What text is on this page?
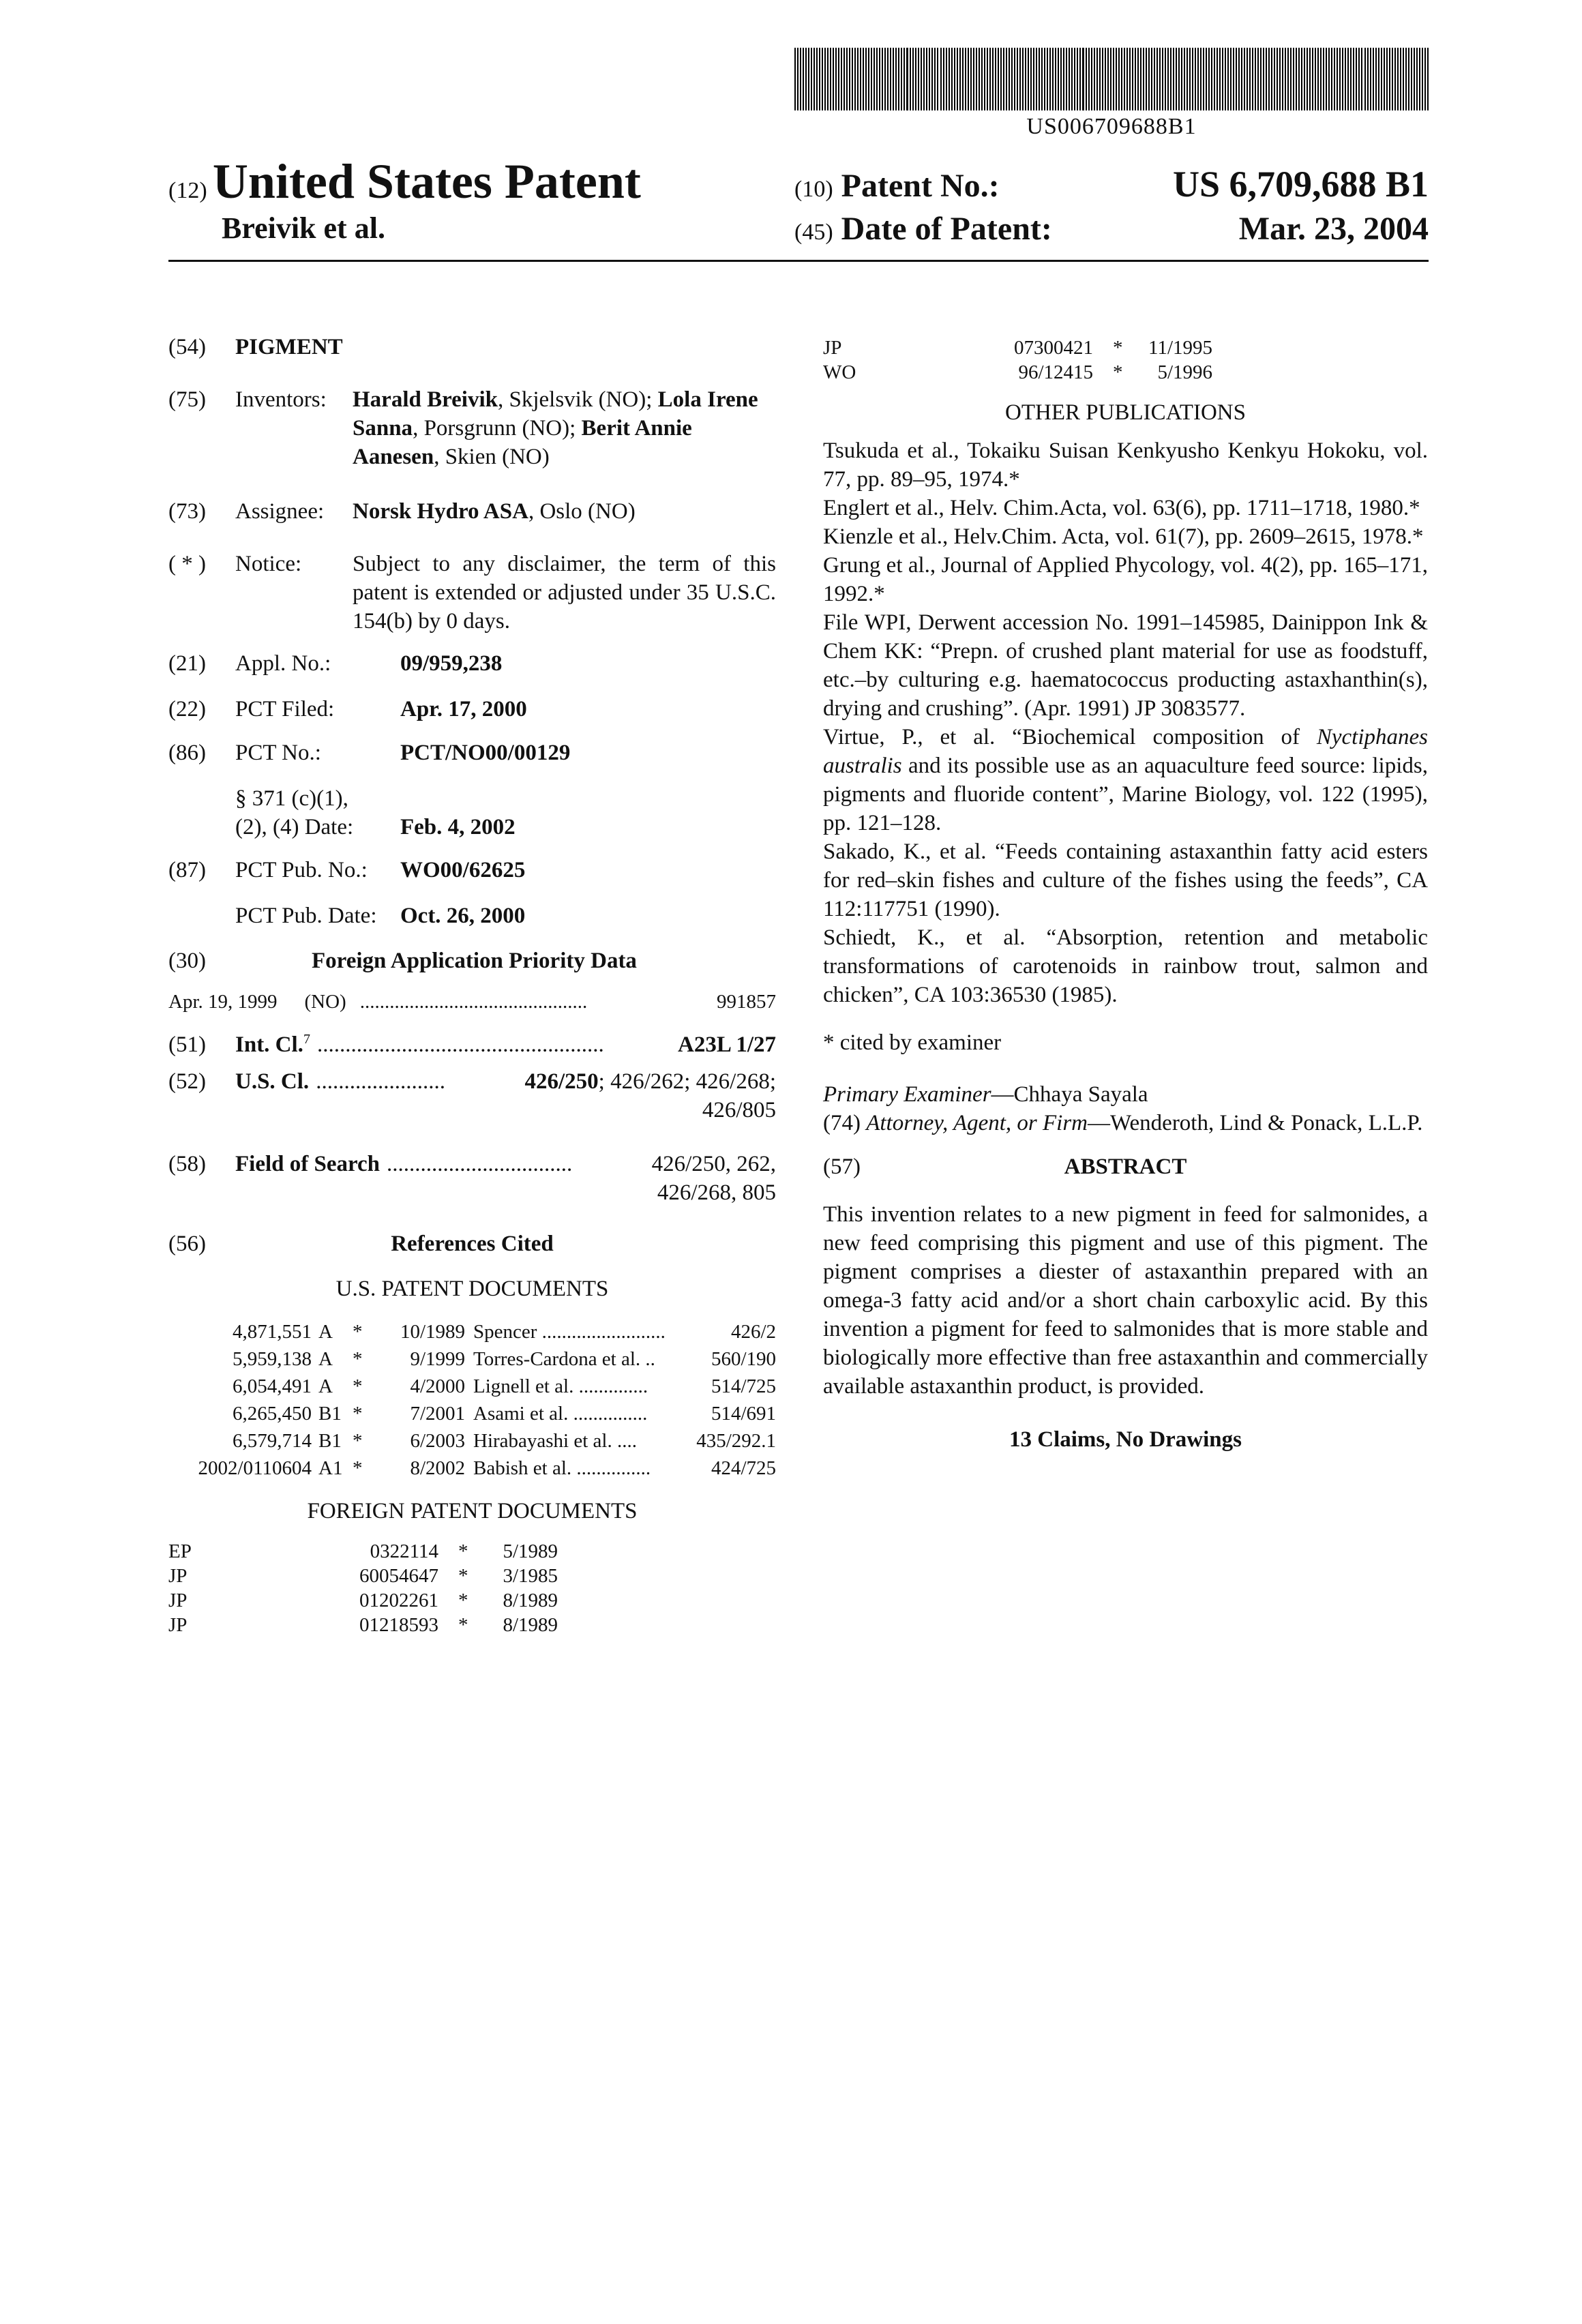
US006709688B1
(12) United States Patent
Breivik et al.
(10) Patent No.:	US 6,709,688 B1
(45) Date of Patent:	Mar. 23, 2004
(54)	PIGMENT
(75)	Inventors:	Harald Breivik, Skjelsvik (NO); Lola Irene Sanna, Porsgrunn (NO); Berit Annie Aanesen, Skien (NO)
(73)	Assignee:	Norsk Hydro ASA, Oslo (NO)
( * )	Notice:	Subject to any disclaimer, the term of this patent is extended or adjusted under 35 U.S.C. 154(b) by 0 days.

(21)	Appl. No.:	09/959,238
(22)	PCT Filed:	Apr. 17, 2000
(86)	PCT No.:	PCT/NO00/00129
§ 371 (c)(1),
(2), (4) Date:	Feb. 4, 2002
(87)	PCT Pub. No.:	WO00/62625
PCT Pub. Date:	Oct. 26, 2000
(30)	Foreign Application Priority Data
Apr. 19, 1999 (NO) ..............................................	991857
(51)	Int. Cl.7 ...................................................	A23L 1/27
(52)	U.S. Cl. .......................	426/250; 426/262; 426/268;
426/805
(58)	Field of Search .................................	426/250, 262,
426/268, 805
(56)	References Cited
U.S. PATENT DOCUMENTS
4,871,551 A	*	10/1989 Spencer .........................	426/2
5,959,138 A	*	9/1999 Torres-Cardona et al. ..	560/190
6,054,491 A	*	4/2000 Lignell et al. ..............	514/725
6,265,450 B1 *	7/2001 Asami et al. ...............	514/691
6,579,714 B1 *	6/2003 Hirabayashi et al. ....	435/292.1
2002/0110604 A1 *	8/2002 Babish et al. ...............	424/725
FOREIGN PATENT DOCUMENTS
EP	0322114	*	5/1989
JP	60054647	*	3/1985
JP	01202261	*	8/1989
JP	01218593	*	8/1989
JP	07300421	*	11/1995
WO	96/12415	*	5/1996
OTHER PUBLICATIONS

Tsukuda et al., Tokaiku Suisan Kenkyusho Kenkyu Hokoku, vol. 77, pp. 89–95, 1974.*

Englert et al., Helv. Chim.Acta, vol. 63(6), pp. 1711–1718, 1980.*

Kienzle et al., Helv.Chim. Acta, vol. 61(7), pp. 2609–2615, 1978.*

Grung et al., Journal of Applied Phycology, vol. 4(2), pp. 165–171, 1992.*

File WPI, Derwent accession No. 1991–145985, Dainippon Ink & Chem KK: “Prepn. of crushed plant material for use as foodstuff, etc.–by culturing e.g. haematococcus producting astaxhanthin(s), drying and crushing”. (Apr. 1991) JP 3083577.

Virtue, P., et al. “Biochemical composition of Nyctiphanes australis and its possible use as an aquaculture feed source: lipids, pigments and fluoride content”, Marine Biology, vol. 122 (1995), pp. 121–128.

Sakado, K., et al. “Feeds containing astaxanthin fatty acid esters for red–skin fishes and culture of the fishes using the feeds”, CA 112:117751 (1990).

Schiedt, K., et al. “Absorption, retention and metabolic transformations of carotenoids in rainbow trout, salmon and chicken”, CA 103:36530 (1985).

* cited by examiner
Primary Examiner—Chhaya Sayala

(74) Attorney, Agent, or Firm—Wenderoth, Lind & Ponack, L.L.P.

(57)	ABSTRACT

This invention relates to a new pigment in feed for salmonides, a new feed comprising this pigment and use of this pigment. The pigment comprises a diester of astaxanthin prepared with an omega-3 fatty acid and/or a short chain carboxylic acid. By this invention a pigment for feed to salmonides that is more stable and biologically more effective than free astaxanthin and commercially available astaxanthin product, is provided.

13 Claims, No Drawings
